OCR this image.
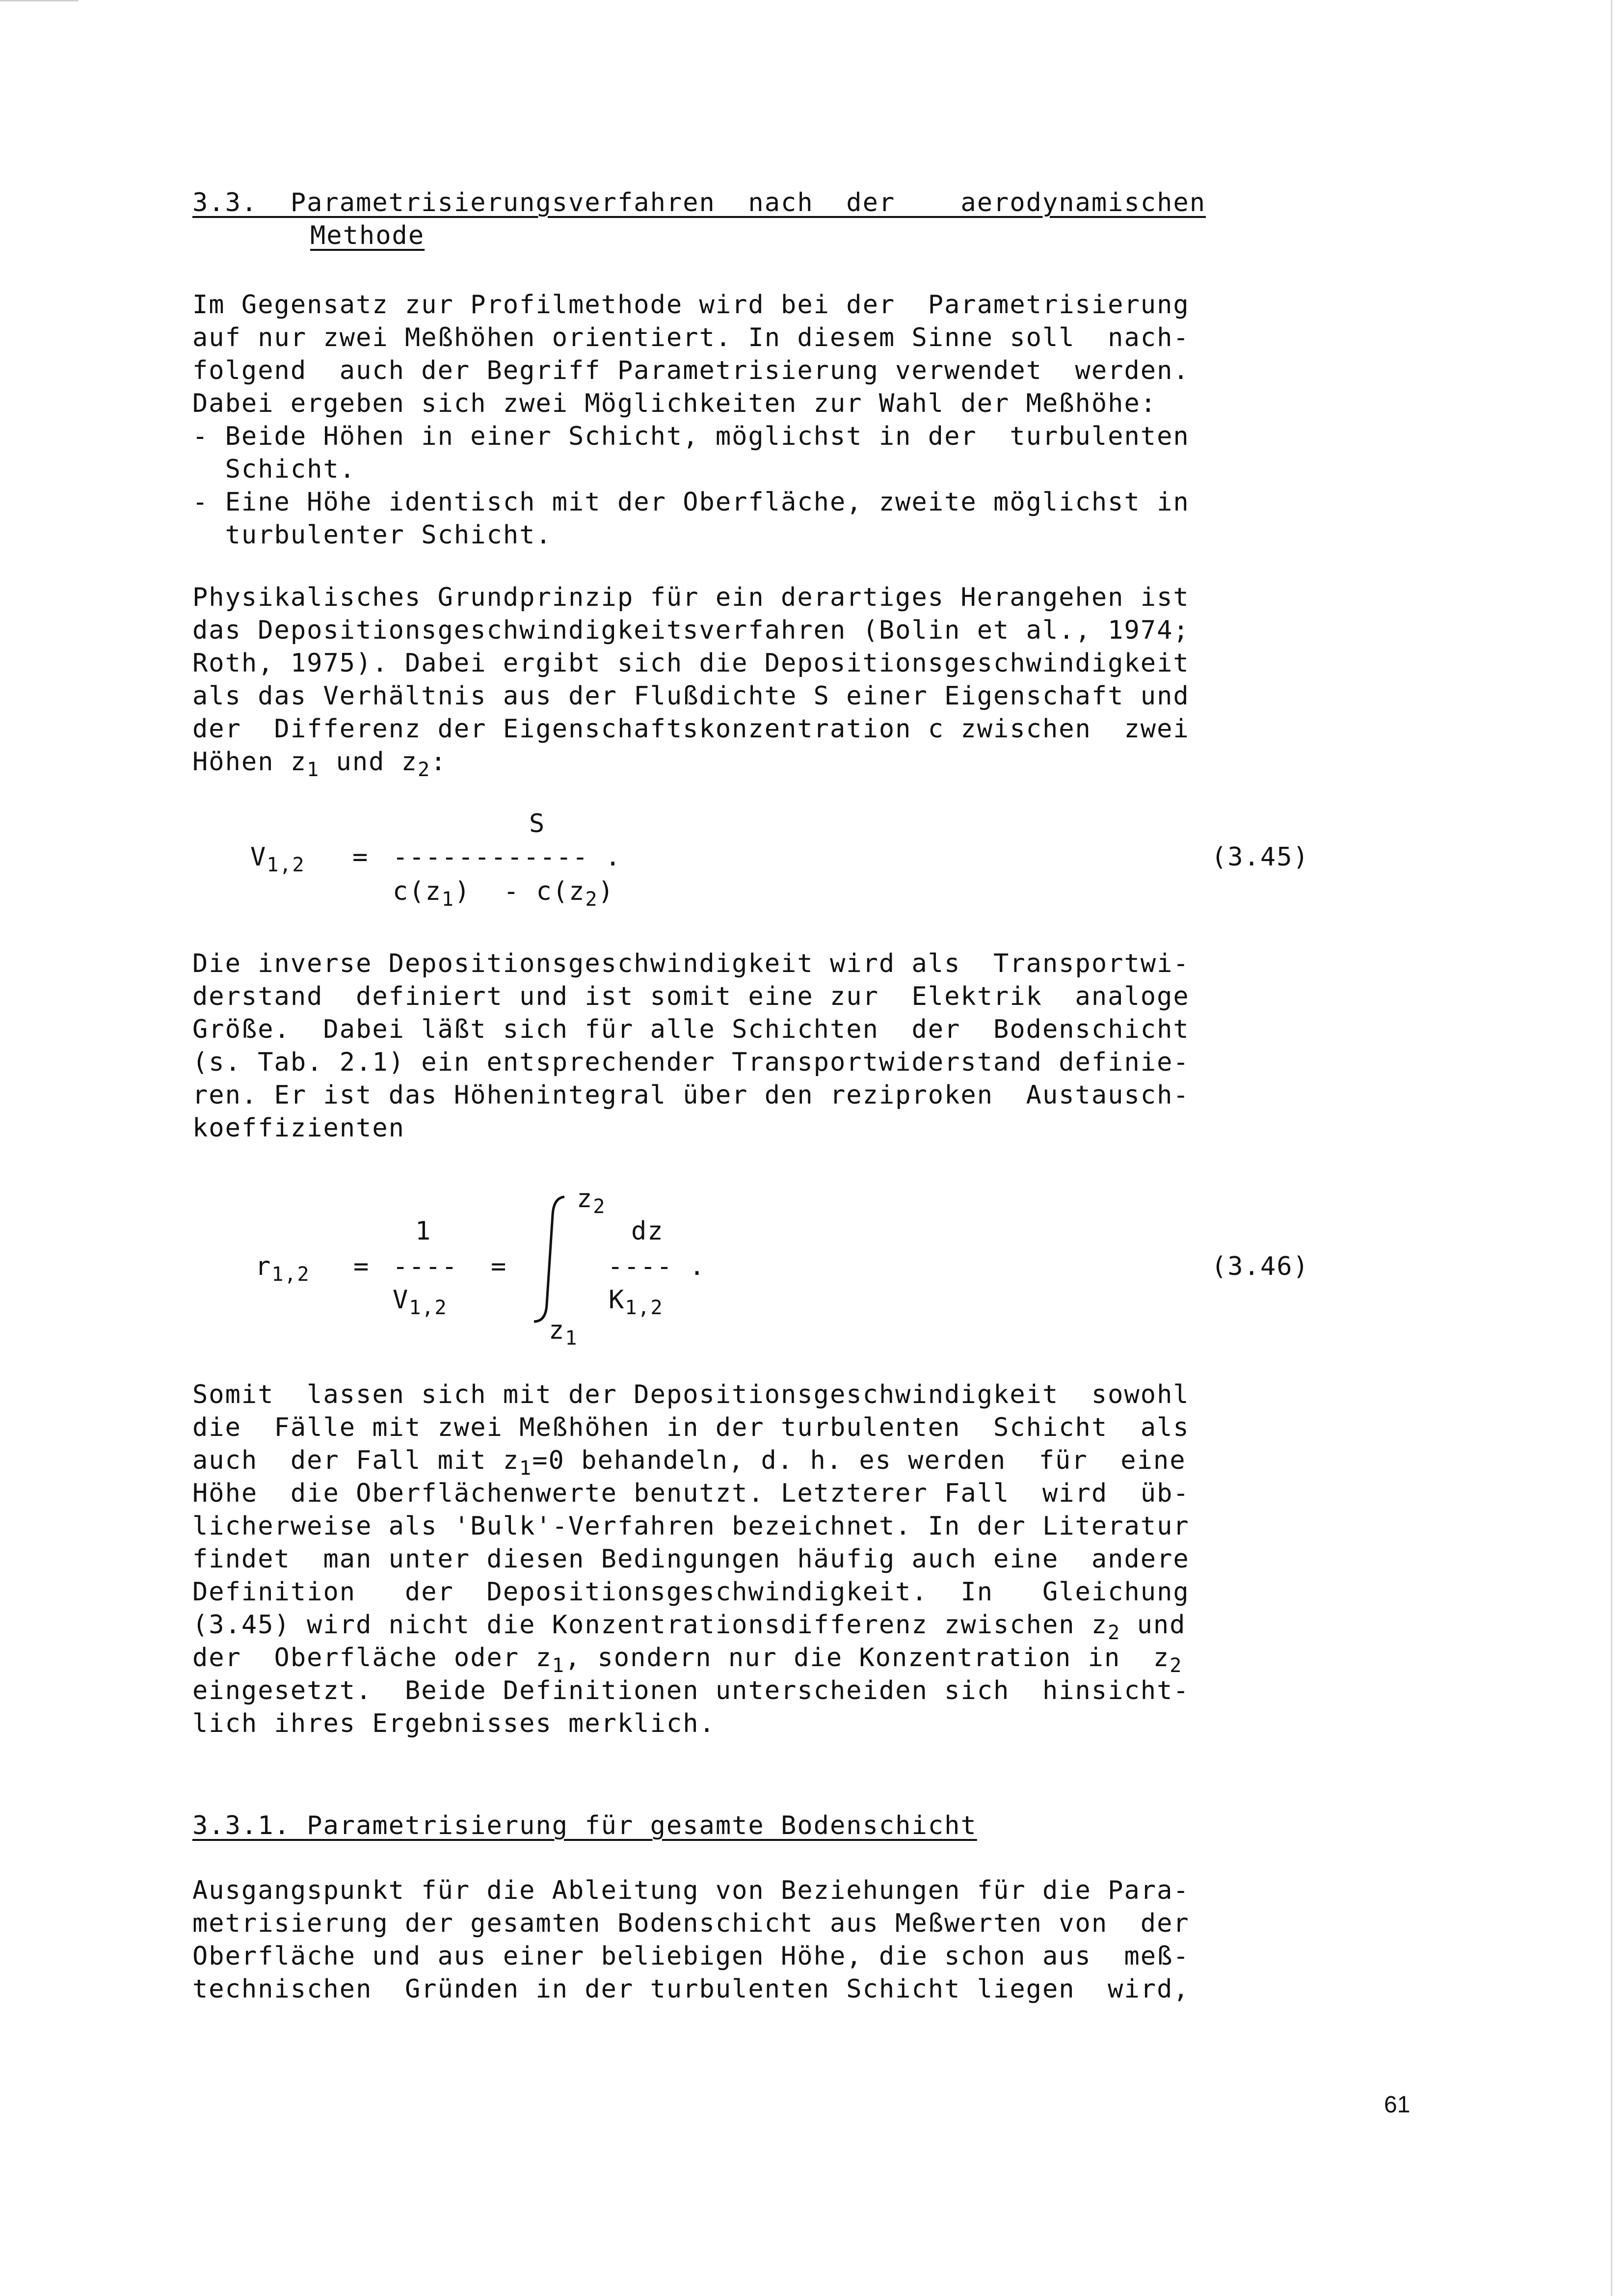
3.3.  Parametrisierungsverfahren  nach  der    aerodynamischen
Methode
Im Gegensatz zur Profilmethode wird bei der  Parametrisierung
auf nur zwei Meßhöhen orientiert. In diesem Sinne soll  nach-
folgend  auch der Begriff Parametrisierung verwendet  werden.
Dabei ergeben sich zwei Möglichkeiten zur Wahl der Meßhöhe:
- Beide Höhen in einer Schicht, möglichst in der  turbulenten
Schicht.
- Eine Höhe identisch mit der Oberfläche, zweite möglichst in
turbulenter Schicht.
Physikalisches Grundprinzip für ein derartiges Herangehen ist
das Depositionsgeschwindigkeitsverfahren (Bolin et al., 1974;
Roth, 1975). Dabei ergibt sich die Depositionsgeschwindigkeit
als das Verhältnis aus der Flußdichte S einer Eigenschaft und
der  Differenz der Eigenschaftskonzentration c zwischen  zwei
Höhen $z_1$ und $z_2$:
S
$V_{1,2}$ = ------------ .
$c(z_1) - c(z_2)$
(3.45)
Die inverse Depositionsgeschwindigkeit wird als  Transportwi-
derstand  definiert und ist somit eine zur  Elektrik  analoge
Größe.  Dabei läßt sich für alle Schichten  der  Bodenschicht
(s. Tab. 2.1) ein entsprechender Transportwiderstand definie-
ren. Er ist das Höhenintegral über den reziproken  Austausch-
koeffizienten
$z_2$
1	dz
$r_{1,2}$ = ---- =	---- .
$V_{1,2}$	$K_{1,2}$
$z_1$
(3.46)
Somit  lassen sich mit der Depositionsgeschwindigkeit  sowohl
die  Fälle mit zwei Meßhöhen in der turbulenten  Schicht  als
auch  der Fall mit $z_1=0$ behandeln, d. h. es werden  für  eine
Höhe  die Oberflächenwerte benutzt. Letzterer Fall  wird  üb-
licherweise als 'Bulk'-Verfahren bezeichnet. In der Literatur
findet  man unter diesen Bedingungen häufig auch eine  andere
Definition   der  Depositionsgeschwindigkeit.  In   Gleichung
(3.45) wird nicht die Konzentrationsdifferenz zwischen $z_2$ und
der  Oberfläche oder $z_1$, sondern nur die Konzentration in  $z_2$
eingesetzt.  Beide Definitionen unterscheiden sich  hinsicht-
lich ihres Ergebnisses merklich.
3.3.1. Parametrisierung für gesamte Bodenschicht
Ausgangspunkt für die Ableitung von Beziehungen für die Para-
metrisierung der gesamten Bodenschicht aus Meßwerten von  der
Oberfläche und aus einer beliebigen Höhe, die schon aus  meß-
technischen  Gründen in der turbulenten Schicht liegen  wird,
61
